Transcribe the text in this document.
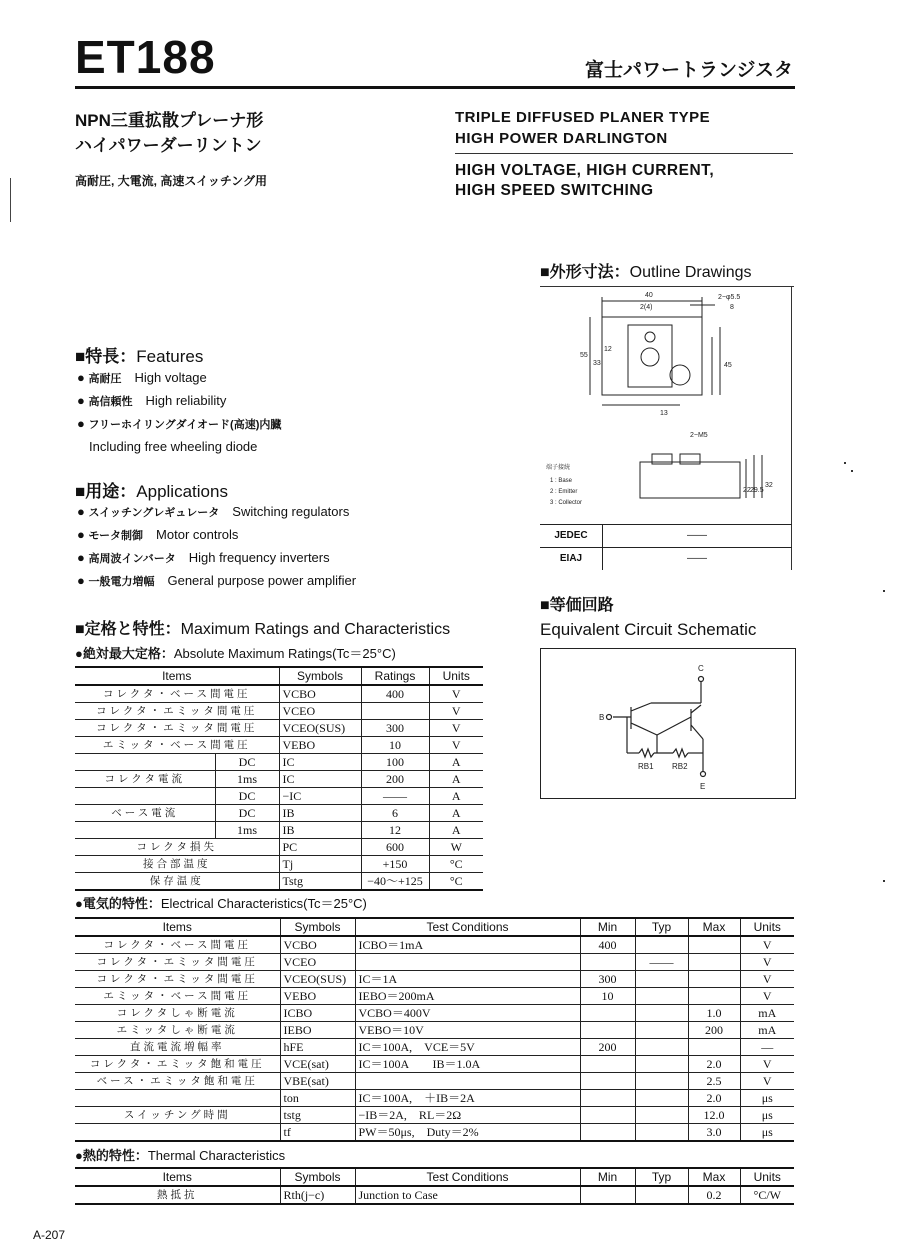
ET188	富士パワートランジスタ
NPN三重拡散プレーナ形
ハイパワーダーリントン
高耐圧, 大電流, 高速スイッチング用
TRIPLE DIFFUSED PLANER TYPE
HIGH POWER DARLINGTON
HIGH VOLTAGE, HIGH CURRENT,
HIGH SPEED SWITCHING
■特長：Features
● 高耐圧　 High voltage
● 高信頼性　 High reliability
● フリーホイリングダイオード(高速)内臓
Including free wheeling diode
■用途：Applications
● スイッチングレギュレータ　 Switching regulators
● モータ制御　 Motor controls
● 高周波インバータ　 High frequency inverters
● 一般電力増幅　 General purpose power amplifier
■定格と特性：Maximum Ratings and Characteristics
●絶対最大定格：Absolute Maximum Ratings(Tc＝25°C)
Items		Symbols	Ratings	Units
コレクタ・ベース間電圧		VCBO	400	V
コレクタ・エミッタ間電圧		VCEO		V
コレクタ・エミッタ間電圧		VCEO(SUS)	300	V
エミッタ・ベース間電圧		VEBO	10	V
	DC	IC	100	A
コレクタ電流	1ms	IC	200	A
	DC	−IC	——	A
ベース電流	DC	IB	6	A
	1ms	IB	12	A
コレクタ損失		PC	600	W
接合部温度		Tj	+150	°C
保存温度		Tstg	−40～+125	°C
●電気的特性：Electrical Characteristics(Tc＝25°C)
Items	Symbols	Test Conditions	Min	Typ	Max	Units
コレクタ・ベース間電圧	VCBO	ICBO＝1mA	400			V
コレクタ・エミッタ間電圧	VCEO			——		V
コレクタ・エミッタ間電圧	VCEO(SUS)	IC＝1A	300			V
エミッタ・ベース間電圧	VEBO	IEBO＝200mA	10			V
コレクタしゃ断電流	ICBO	VCBO＝400V			1.0	mA
エミッタしゃ断電流	IEBO	VEBO＝10V			200	mA
直流電流増幅率	hFE	IC＝100A,　VCE＝5V	200			—
コレクタ・エミッタ飽和電圧	VCE(sat)	IC＝100A　　IB＝1.0A			2.0	V
ベース・エミッタ飽和電圧	VBE(sat)				2.5	V
	ton	IC＝100A,　＋IB＝2A			2.0	μs
スイッチング時間	tstg	−IB＝2A,　RL＝2Ω			12.0	μs
	tf	PW＝50μs,　Duty＝2%			3.0	μs
●熱的特性：Thermal Characteristics
Items	Symbols	Test Conditions	Min	Typ	Max	Units
熱抵抗	Rth(j−c)	Junction to Case			0.2	°C/W
■外形寸法：Outline Drawings
40
2(4)
2−φ5.5
8
55
33
12
45
13
2−M5
22 29.5
32
端子接続
1 : Base
2 : Emitter
3 : Collector
JEDEC	——
EIAJ	——
■等価回路
Equivalent Circuit Schematic
C
B
E
RB1 RB2
A-207
